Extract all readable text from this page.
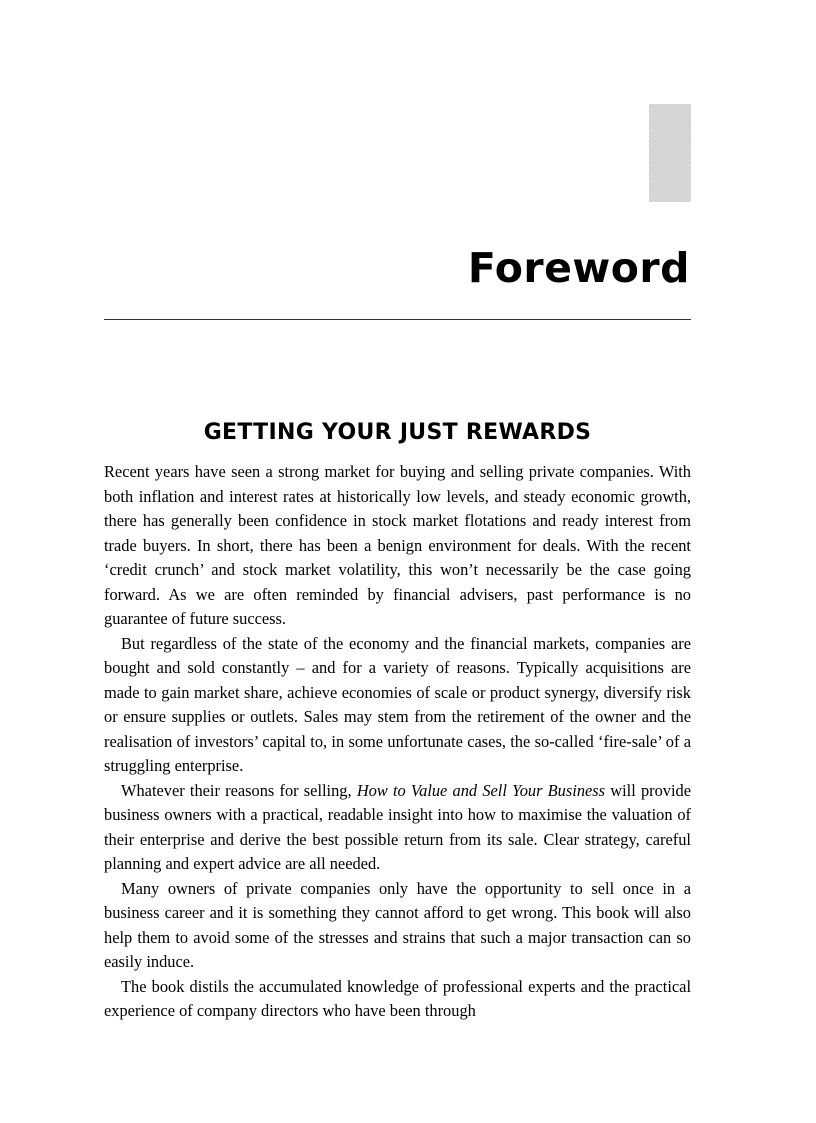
Foreword
GETTING YOUR JUST REWARDS

Recent years have seen a strong market for buying and selling private companies. With both inflation and interest rates at historically low levels, and steady economic growth, there has generally been confidence in stock market flotations and ready interest from trade buyers. In short, there has been a benign environment for deals. With the recent ‘credit crunch’ and stock market volatility, this won’t necessarily be the case going forward. As we are often reminded by financial advisers, past performance is no guarantee of future success.

But regardless of the state of the economy and the financial markets, companies are bought and sold constantly – and for a variety of reasons. Typically acquisitions are made to gain market share, achieve economies of scale or product synergy, diversify risk or ensure supplies or outlets. Sales may stem from the retirement of the owner and the realisation of investors’ capital to, in some unfortunate cases, the so-called ‘fire-sale’ of a struggling enterprise.

Whatever their reasons for selling, How to Value and Sell Your Business will provide business owners with a practical, readable insight into how to maximise the valuation of their enterprise and derive the best possible return from its sale. Clear strategy, careful planning and expert advice are all needed.

Many owners of private companies only have the opportunity to sell once in a business career and it is something they cannot afford to get wrong. This book will also help them to avoid some of the stresses and strains that such a major transaction can so easily induce.

The book distils the accumulated knowledge of professional experts and the practical experience of company directors who have been through
